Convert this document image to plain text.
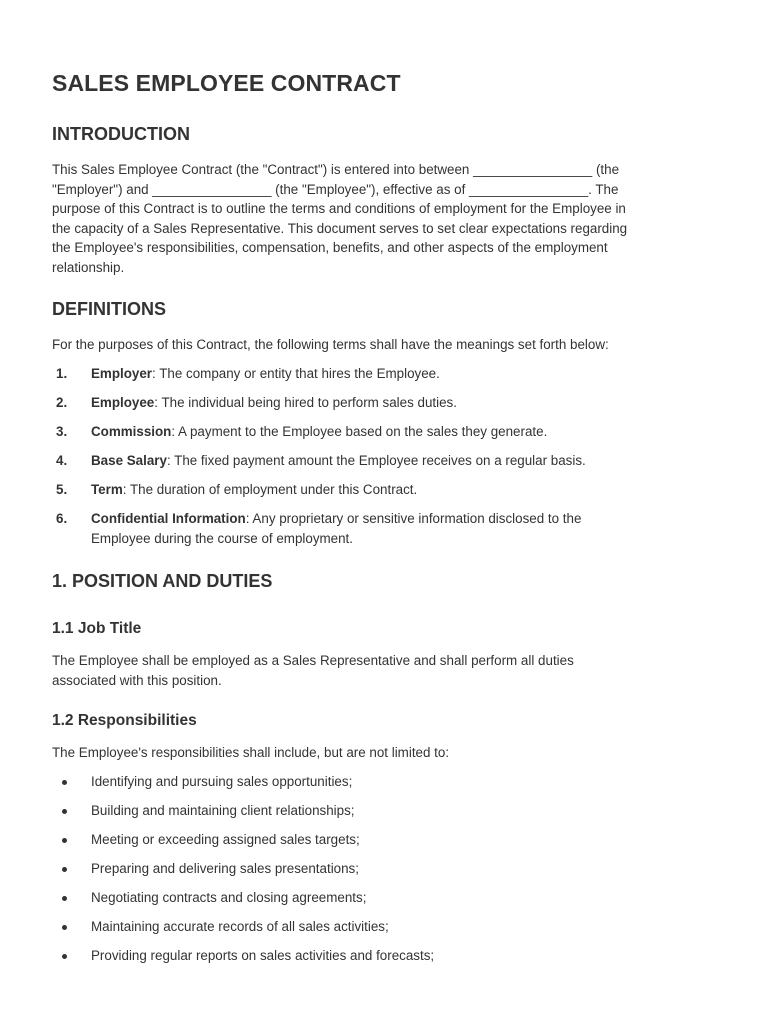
SALES EMPLOYEE CONTRACT
INTRODUCTION

This Sales Employee Contract (the "Contract") is entered into between ________________ (the
"Employer") and ________________ (the "Employee"), effective as of ________________. The
purpose of this Contract is to outline the terms and conditions of employment for the Employee in
the capacity of a Sales Representative. This document serves to set clear expectations regarding
the Employee's responsibilities, compensation, benefits, and other aspects of the employment
relationship.

DEFINITIONS

For the purposes of this Contract, the following terms shall have the meanings set forth below:

1. Employer: The company or entity that hires the Employee.
2. Employee: The individual being hired to perform sales duties.
3. Commission: A payment to the Employee based on the sales they generate.
4. Base Salary: The fixed payment amount the Employee receives on a regular basis.
5. Term: The duration of employment under this Contract.
6. Confidential Information: Any proprietary or sensitive information disclosed to the
Employee during the course of employment.
1. POSITION AND DUTIES
1.1 Job Title

The Employee shall be employed as a Sales Representative and shall perform all duties
associated with this position.

1.2 Responsibilities

The Employee's responsibilities shall include, but are not limited to:

Identifying and pursuing sales opportunities;
Building and maintaining client relationships;
Meeting or exceeding assigned sales targets;
Preparing and delivering sales presentations;
Negotiating contracts and closing agreements;
Maintaining accurate records of all sales activities;
Providing regular reports on sales activities and forecasts;
